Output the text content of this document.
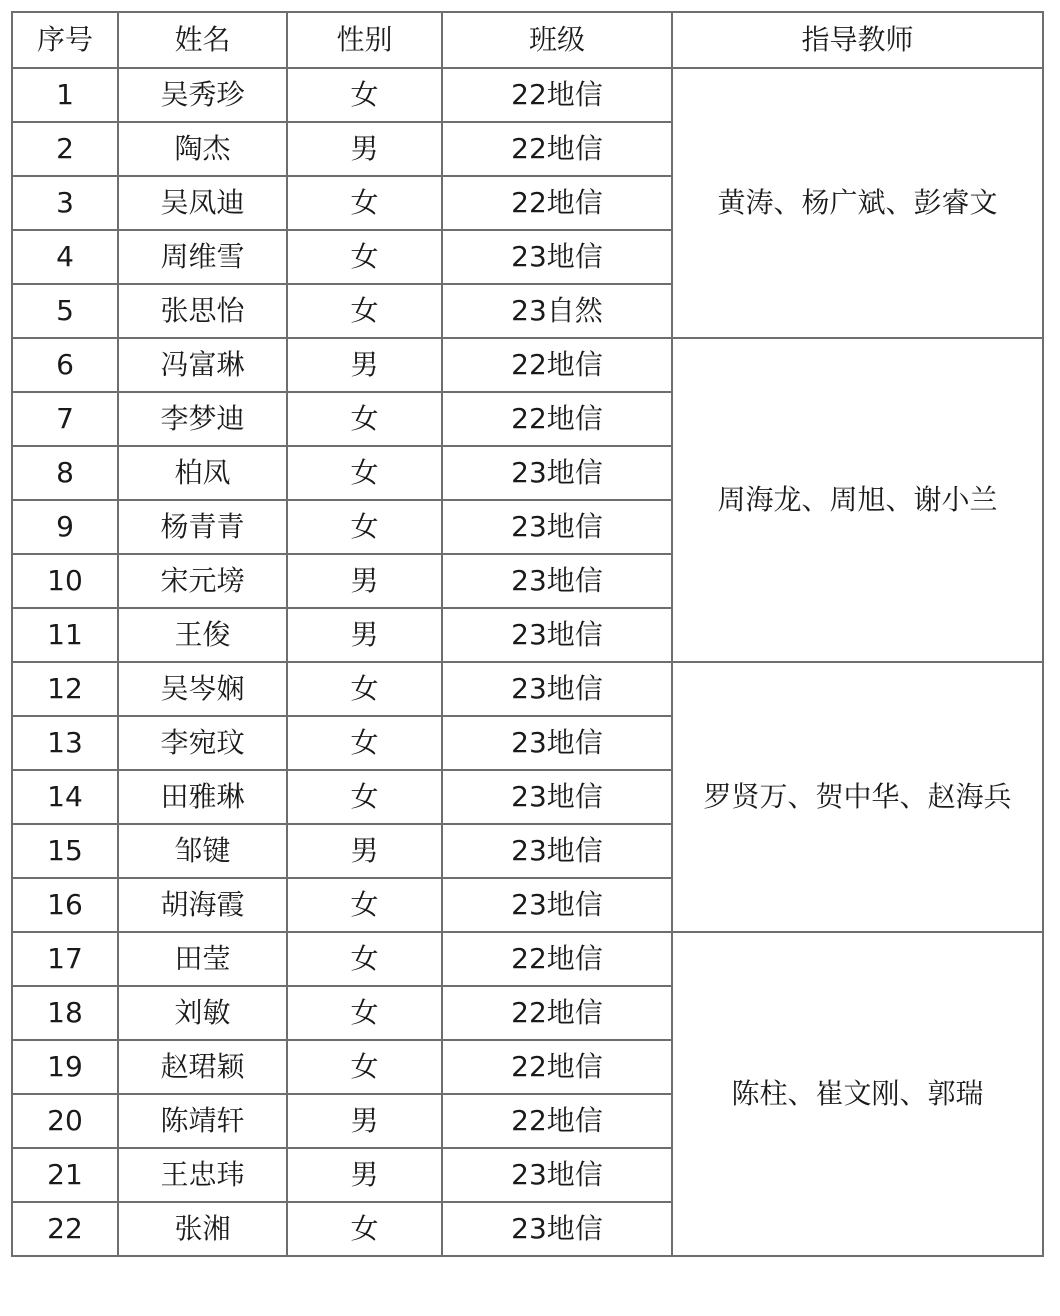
序号	姓名	性别	班级	指导教师
1	吴秀珍	女	22地信	黄涛、杨广斌、彭睿文
2	陶杰	男	22地信	
3	吴凤迪	女	22地信	
4	周维雪	女	23地信	
5	张思怡	女	23自然	
6	冯富琳	男	22地信	周海龙、周旭、谢小兰
7	李梦迪	女	22地信	
8	柏凤	女	23地信	
9	杨青青	女	23地信	
10	宋元塝	男	23地信	
11	王俊	男	23地信	
12	吴岑娴	女	23地信	罗贤万、贺中华、赵海兵
13	李宛玟	女	23地信	
14	田雅琳	女	23地信	
15	邹键	男	23地信	
16	胡海霞	女	23地信	
17	田莹	女	22地信	陈柱、崔文刚、郭瑞
18	刘敏	女	22地信	
19	赵珺颖	女	22地信	
20	陈靖轩	男	22地信	
21	王忠玮	男	23地信	
22	张湘	女	23地信	
